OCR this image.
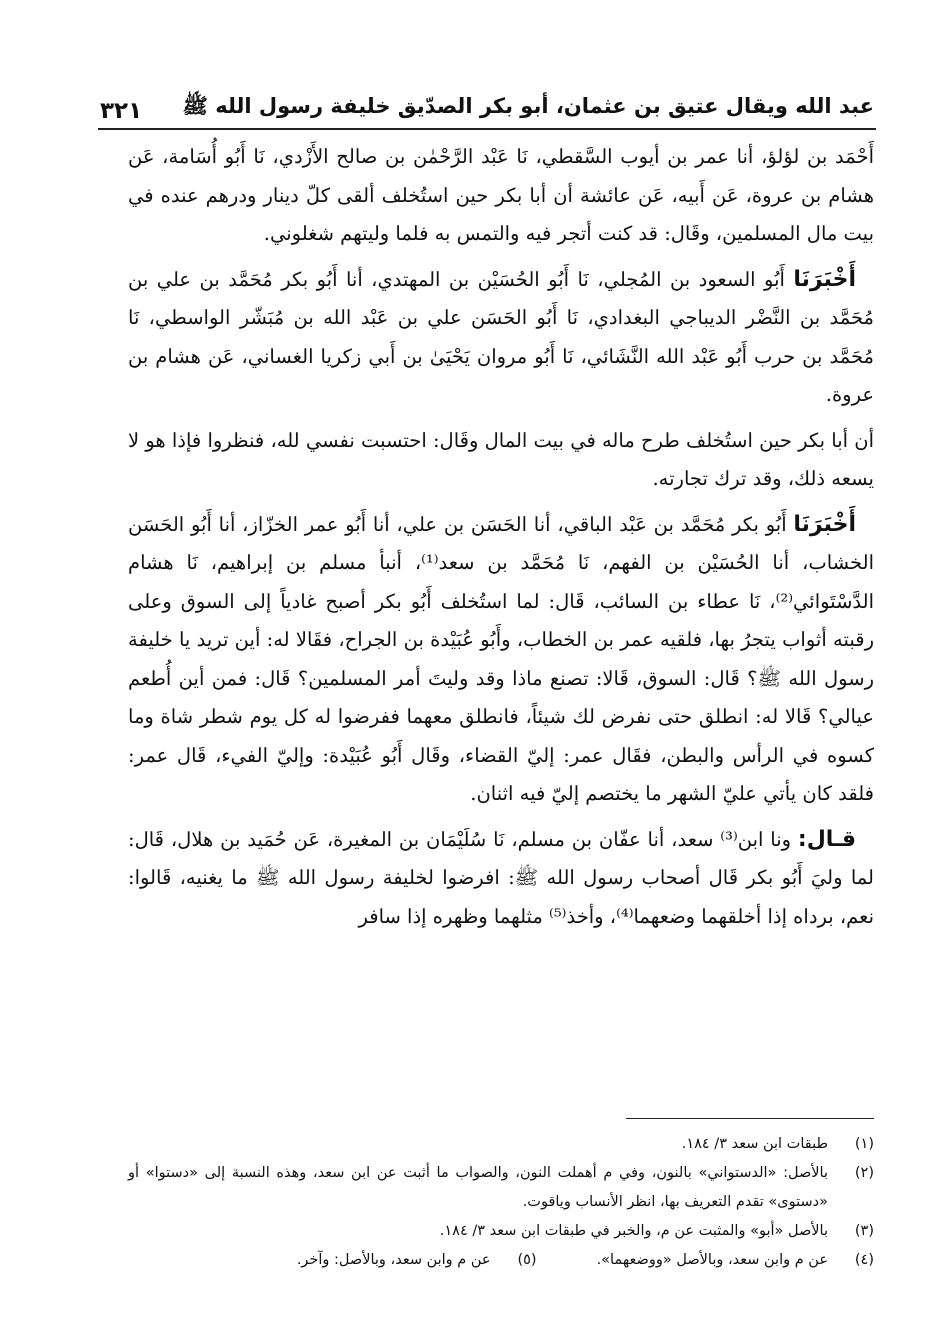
٣٢١ عبد الله ويقال عتيق بن عثمان، أبو بكر الصدّيق خليفة رسول الله ﷺ

أَحْمَد بن لؤلؤ، أنا عمر بن أيوب السَّقطي، نَا عَبْد الرَّحْمٰن بن صالح الأَزْدي، نَا أَبُو أُسَامة، عَن هشام بن عروة، عَن أَبيه، عَن عائشة أن أبا بكر حين استُخلف ألقى كلّ دينار ودرهم عنده في بيت مال المسلمين، وقَال: قد كنت أتجر فيه والتمس به فلما وليتهم شغلوني.

أَخْبَرَنَا أَبُو السعود بن المُجلي، نَا أَبُو الحُسَيْن بن المهتدي، أنا أَبُو بكر مُحَمَّد بن علي بن مُحَمَّد بن النَّضْر الديباجي البغدادي، نَا أَبُو الحَسَن علي بن عَبْد الله بن مُبَشّر الواسطي، نَا مُحَمَّد بن حرب أَبُو عَبْد الله النَّشَائي، نَا أَبُو مروان يَحْيَىٰ بن أَبي زكريا الغساني، عَن هشام بن عروة.

أن أبا بكر حين استُخلف طرح ماله في بيت المال وقَال: احتسبت نفسي لله، فنظروا فإذا هو لا يسعه ذلك، وقد ترك تجارته.

أَخْبَرَنَا أَبُو بكر مُحَمَّد بن عَبْد الباقي، أنا الحَسَن بن علي، أنا أَبُو عمر الخزّاز، أنا أَبُو الحَسَن الخشاب، أنا الحُسَيْن بن الفهم، نَا مُحَمَّد بن سعد⁽¹⁾، أنبأ مسلم بن إبراهيم، نَا هشام الدَّسْتَوائي⁽²⁾، نَا عطاء بن السائب، قَال: لما استُخلف أَبُو بكر أصبح غادياً إلى السوق وعلى رقبته أثواب يتجرُ بها، فلقيه عمر بن الخطاب، وأَبُو عُبَيْدة بن الجراح، فقَالا له: أين تريد يا خليفة رسول الله ﷺ؟ قَال: السوق، قَالا: تصنع ماذا وقد وليتَ أمر المسلمين؟ قَال: فمن أين أُطعم عيالي؟ قَالا له: انطلق حتى نفرض لك شيئاً، فانطلق معهما ففرضوا له كل يوم شطر شاة وما كسوه في الرأس والبطن، فقَال عمر: إليّ القضاء، وقَال أَبُو عُبَيْدة: وإليّ الفيء، قَال عمر: فلقد كان يأتي عليّ الشهر ما يختصم إليّ فيه اثنان.

قـال: ونا ابن⁽³⁾ سعد، أنا عفّان بن مسلم، نَا سُلَيْمَان بن المغيرة، عَن حُمَيد بن هلال، قَال: لما وليَ أَبُو بكر قَال أصحاب رسول الله ﷺ: افرضوا لخليفة رسول الله ﷺ ما يغنيه، قَالوا: نعم، برداه إذا أخلقهما وضعهما⁽⁴⁾، وأخذ⁽⁵⁾ مثلهما وظهره إذا سافر

(١)
طبقات ابن سعد ٣/ ١٨٤.
(٢)
بالأصل: «الدستواني» بالنون، وفي م أهملت النون، والصواب ما أثبت عن ابن سعد، وهذه النسبة إلى «دستوا» أو «دستوى» تقدم التعريف بها، انظر الأنساب وياقوت.
(٣)
بالأصل «أبو» والمثبت عن م، والخبر في طبقات ابن سعد ٣/ ١٨٤.
(٤)
عن م وابن سعد، وبالأصل «ووضعهما».
(٥)
عن م وابن سعد، وبالأصل: وآخر.
